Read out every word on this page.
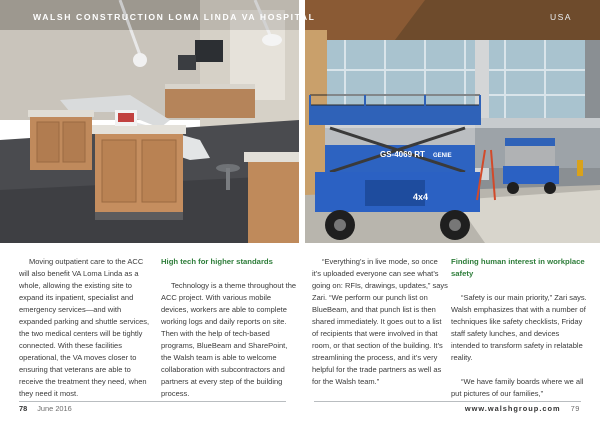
GS-4069 RT GENIE
4x4
WALSH CONSTRUCTION LOMA LINDA VA HOSPITAL	USA

Moving outpatient care to the ACC will also benefit VA Loma Linda as a whole, allowing the existing site to expand its inpatient, specialist and emergency services—and with expanded parking and shuttle services, the two medical centers will be tightly connected. With these facilities operational, the VA moves closer to ensuring that veterans are able to receive the treatment they need, when they need it most.

High tech for higher standards

Technology is a theme throughout the ACC project. With various mobile devices, workers are able to complete working logs and daily reports on site. Then with the help of tech-based programs, BlueBeam and SharePoint, the Walsh team is able to welcome collaboration with subcontractors and partners at every step of the building process.

“Everything’s in live mode, so once it’s uploaded everyone can see what’s going on: RFIs, drawings, updates,” says Zari. “We perform our punch list on BlueBeam, and that punch list is then shared immediately. It goes out to a list of recipients that were involved in that room, or that section of the building. It’s streamlining the process, and it’s very helpful for the trade partners as well as for the Walsh team.”

Finding human interest in workplace safety

“Safety is our main priority,” Zari says. Walsh emphasizes that with a number of techniques like safety checklists, Friday staff safety lunches, and devices intended to transform safety in relatable reality.

“We have family boards where we all put pictures of our families,”

78 June 2016	www.walshgroup.com 79
